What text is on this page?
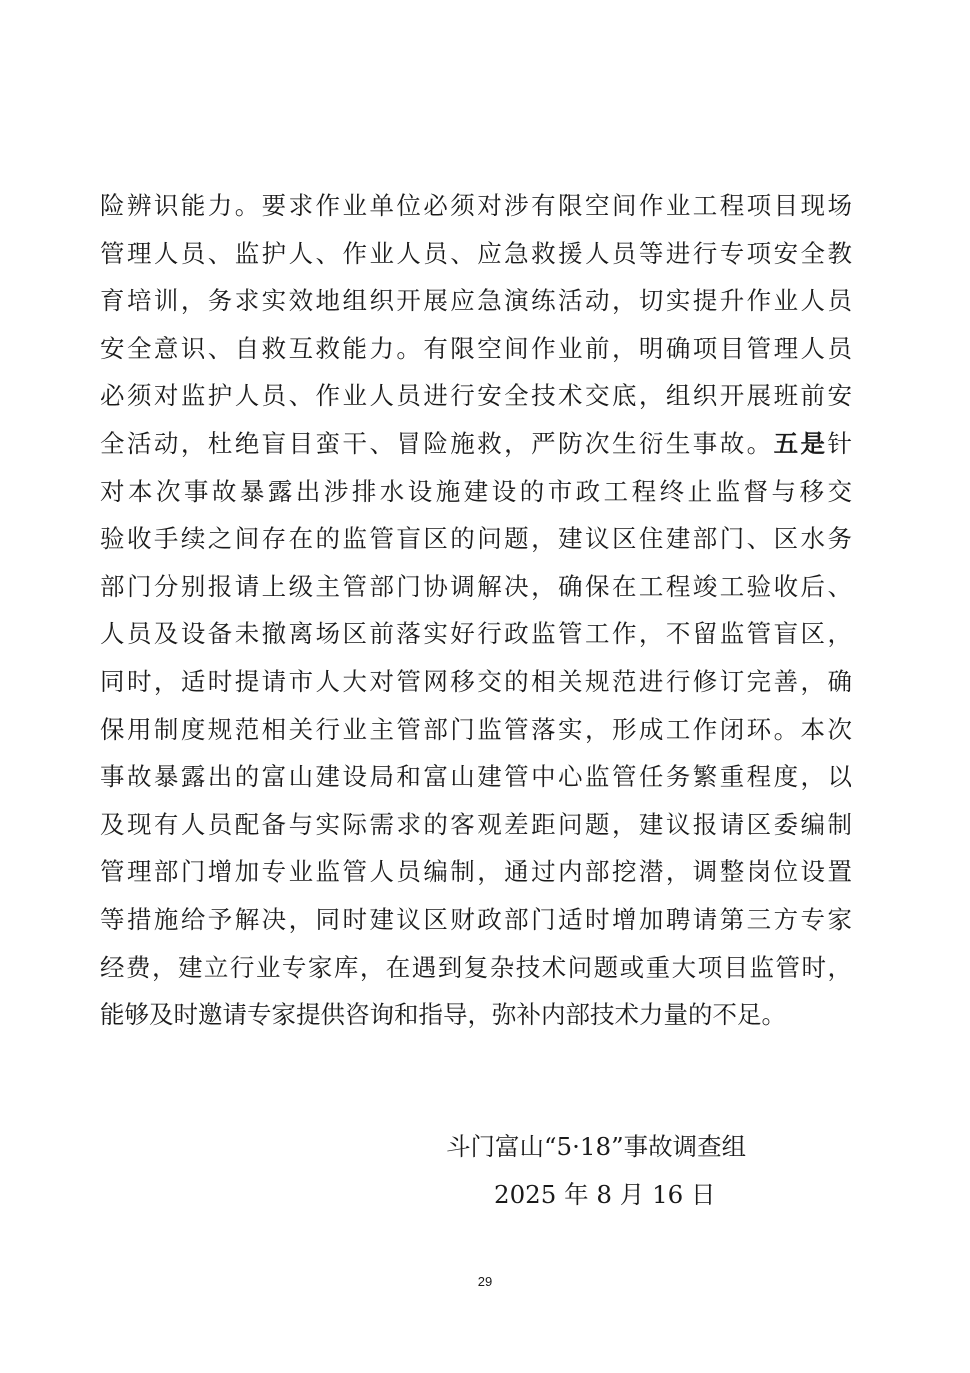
险辨识能力。要求作业单位必须对涉有限空间作业工程项目现场
管理人员、监护人、作业人员、应急救援人员等进行专项安全教
育培训，务求实效地组织开展应急演练活动，切实提升作业人员
安全意识、自救互救能力。有限空间作业前，明确项目管理人员
必须对监护人员、作业人员进行安全技术交底，组织开展班前安
全活动，杜绝盲目蛮干、冒险施救，严防次生衍生事故。五是针
对本次事故暴露出涉排水设施建设的市政工程终止监督与移交
验收手续之间存在的监管盲区的问题，建议区住建部门、区水务
部门分别报请上级主管部门协调解决，确保在工程竣工验收后、
人员及设备未撤离场区前落实好行政监管工作，不留监管盲区，
同时，适时提请市人大对管网移交的相关规范进行修订完善，确
保用制度规范相关行业主管部门监管落实，形成工作闭环。本次
事故暴露出的富山建设局和富山建管中心监管任务繁重程度，以
及现有人员配备与实际需求的客观差距问题，建议报请区委编制
管理部门增加专业监管人员编制，通过内部挖潜，调整岗位设置
等措施给予解决，同时建议区财政部门适时增加聘请第三方专家
经费，建立行业专家库，在遇到复杂技术问题或重大项目监管时，
能够及时邀请专家提供咨询和指导，弥补内部技术力量的不足。
斗门富山“5·18”事故调查组
2025 年 8 月 16 日
29
